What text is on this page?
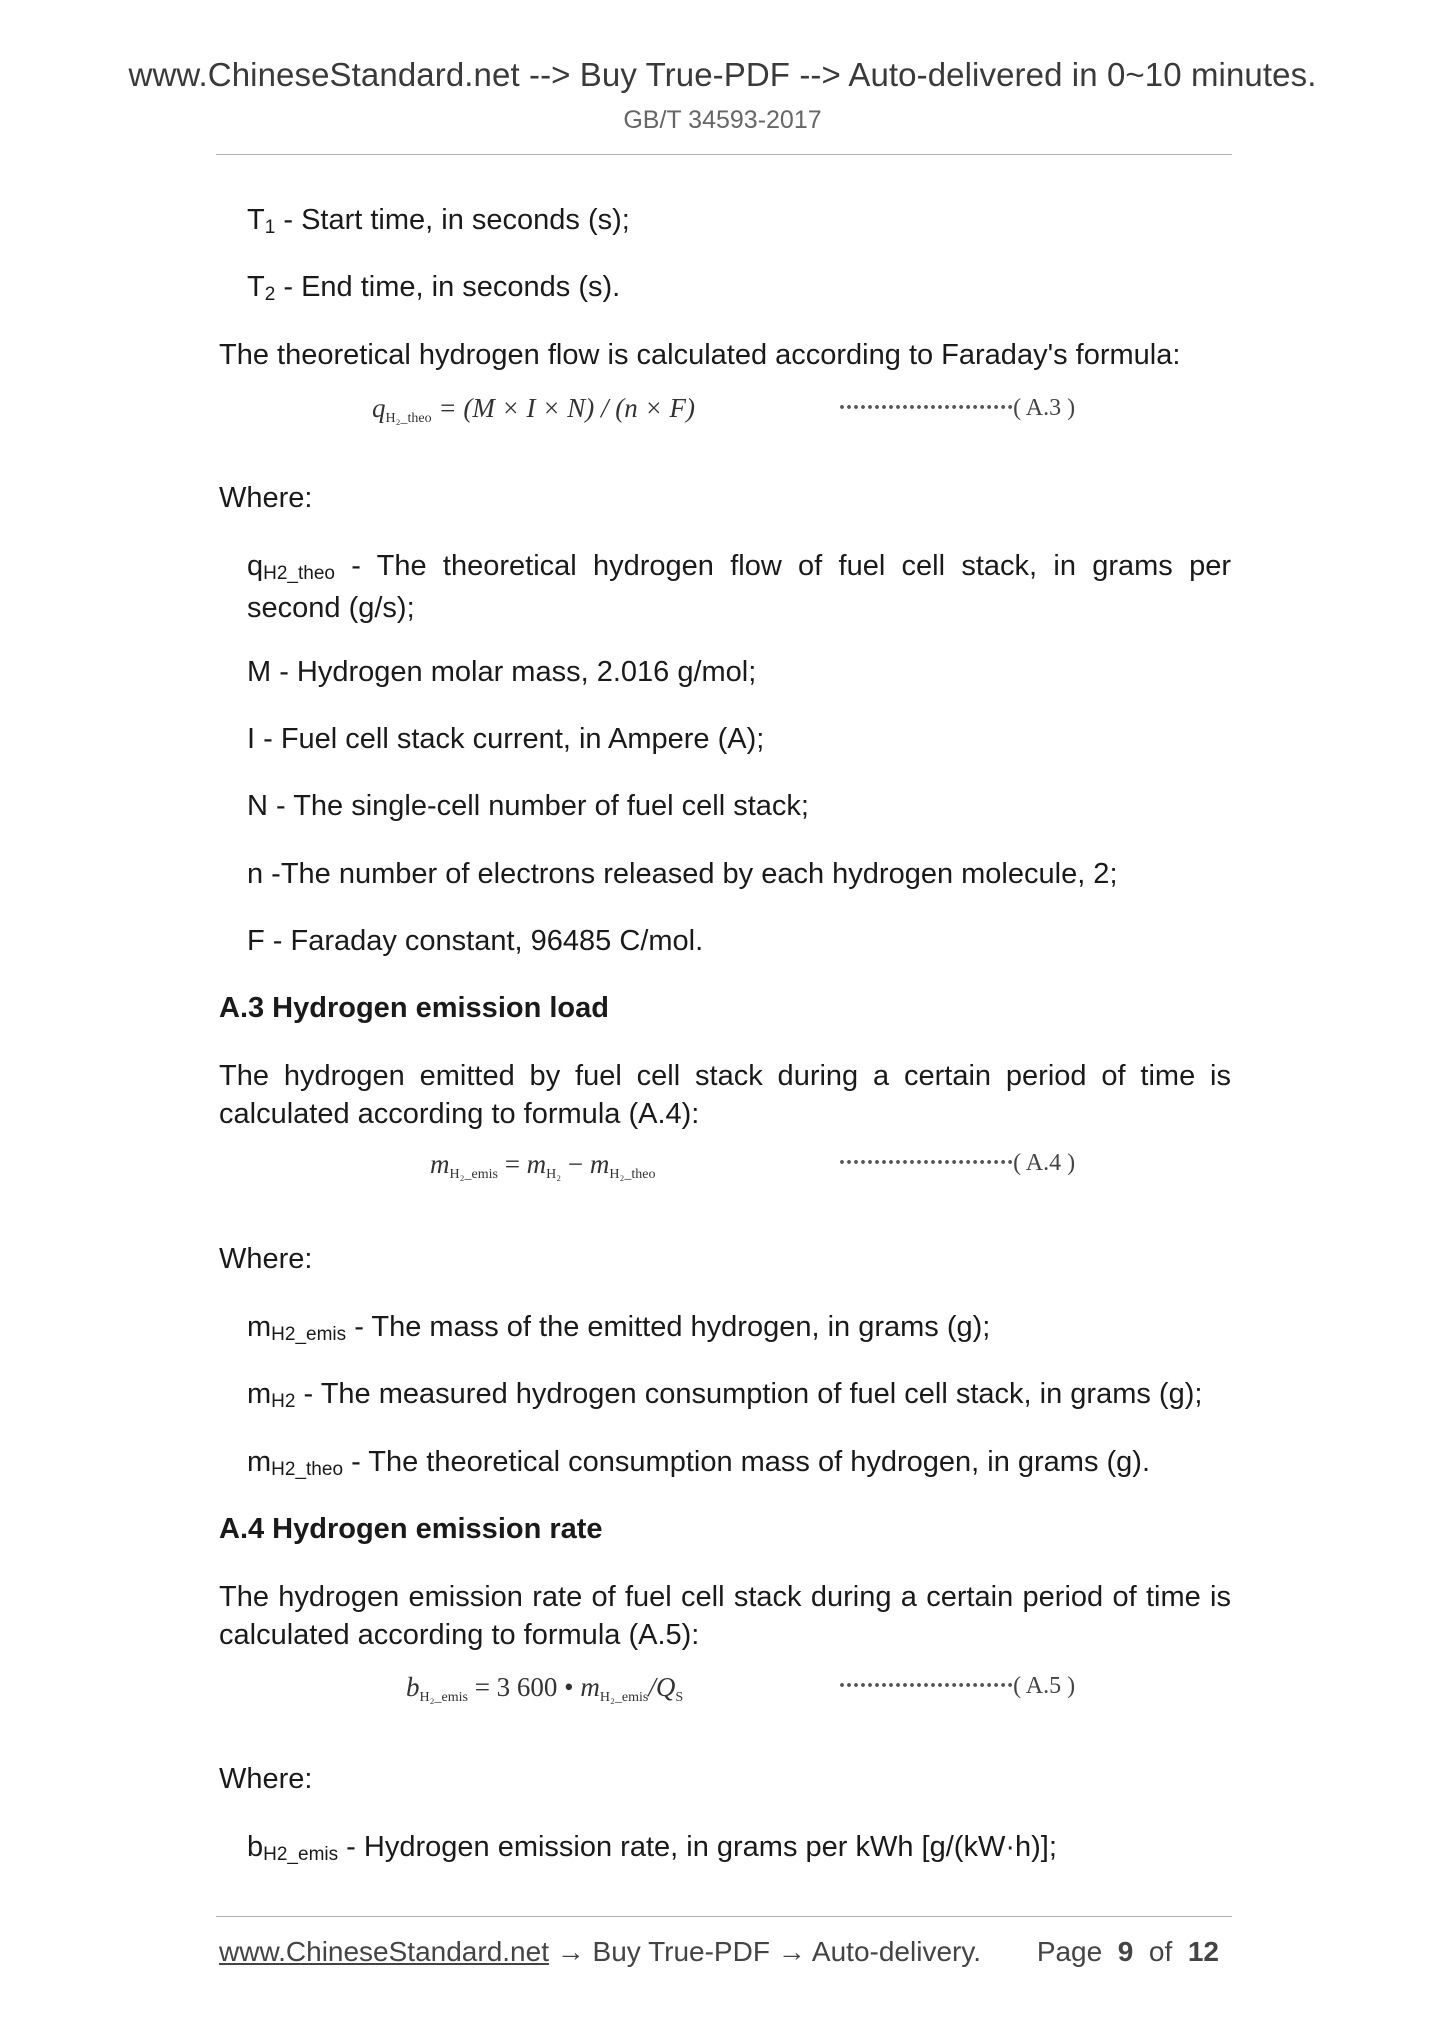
www.ChineseStandard.net --> Buy True-PDF --> Auto-delivered in 0~10 minutes.
GB/T 34593-2017
T1 - Start time, in seconds (s);
T2 - End time, in seconds (s).
The theoretical hydrogen flow is calculated according to Faraday's formula:
qH₂_theo = (M × I × N) / (n × F)	·························( A.3 )
Where:
qH2_theo - The theoretical hydrogen flow of fuel cell stack, in grams per second (g/s);
M - Hydrogen molar mass, 2.016 g/mol;
I - Fuel cell stack current, in Ampere (A);
N - The single-cell number of fuel cell stack;
n -The number of electrons released by each hydrogen molecule, 2;
F - Faraday constant, 96485 C/mol.
A.3 Hydrogen emission load
The hydrogen emitted by fuel cell stack during a certain period of time is calculated according to formula (A.4):
mH₂_emis = mH₂ − mH₂_theo	·························( A.4 )
Where:
mH2_emis - The mass of the emitted hydrogen, in grams (g);
mH2 - The measured hydrogen consumption of fuel cell stack, in grams (g);
mH2_theo - The theoretical consumption mass of hydrogen, in grams (g).
A.4 Hydrogen emission rate
The hydrogen emission rate of fuel cell stack during a certain period of time is calculated according to formula (A.5):
bH₂_emis = 3 600 • mH₂_emis/QS	·························( A.5 )
Where:
bH2_emis - Hydrogen emission rate, in grams per kWh [g/(kW·h)];
www.ChineseStandard.net → Buy True-PDF → Auto-delivery. Page 9 of 12
